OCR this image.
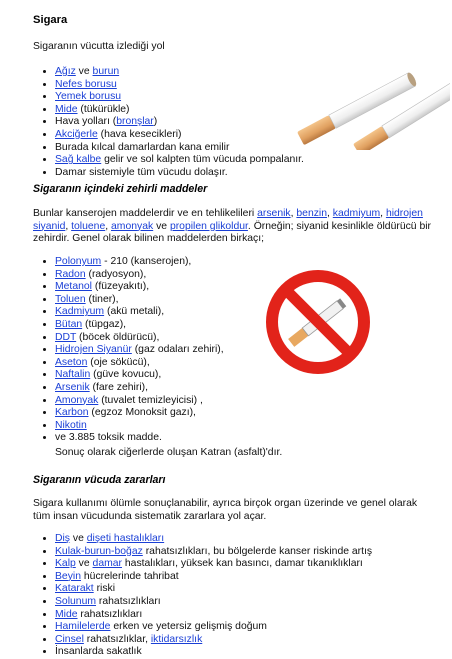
Sigara

Sigaranın vücutta izlediği yol

• Ağız ve burun
• Nefes borusu
• Yemek borusu
• Mide (tükürükle)
• Hava yolları (bronşlar)
• Akciğerle (hava kesecikleri)
• Burada kılcal damarlardan kana emilir
• Sağ kalbe gelir ve sol kalpten tüm vücuda pompalanır.
• Damar sistemiyle tüm vücudu dolaşır.
Sigaranın içindeki zehirli maddeler

Bunlar kanserojen maddelerdir ve en tehlikelileri arsenik, benzin, kadmiyum, hidrojen siyanid, toluene, amonyak ve propilen glikoldur. Örneğin; siyanid kesinlikle öldürücü bir zehirdir. Genel olarak bilinen maddelerden birkaçı;

• Polonyum - 210 (kanserojen),
• Radon (radyosyon),
• Metanol (füzeyakıtı),
• Toluen (tiner),
• Kadmiyum (akü metali),
• Bütan (tüpgaz),
• DDT (böcek öldürücü),
• Hidrojen Siyanür (gaz odaları zehiri),
• Aseton (oje sökücü),
• Naftalin (güve kovucu),
• Arsenik (fare zehiri),
• Amonyak (tuvalet temizleyicisi) ,
• Karbon (egzoz Monoksit gazı),
• Nikotin
• ve 3.885 toksik madde.

Sonuç olarak ciğerlerde oluşan Katran (asfalt)'dır.

Sigaranın vücuda zararları

Sigara kullanımı ölümle sonuçlanabilir, ayrıca birçok organ üzerinde ve genel olarak tüm insan vücudunda sistematik zararlara yol açar.

• Diş ve dişeti hastalıkları
• Kulak-burun-boğaz rahatsızlıkları, bu bölgelerde kanser riskinde artış
• Kalp ve damar hastalıkları, yüksek kan basıncı, damar tıkanıklıkları
• Beyin hücrelerinde tahribat
• Katarakt riski
• Solunum rahatsızlıkları
• Mide rahatsızlıkları
• Hamilelerde erken ve yetersiz gelişmiş doğum
• Cinsel rahatsızlıklar, iktidarsızlık
• İnsanlarda sakatlık
